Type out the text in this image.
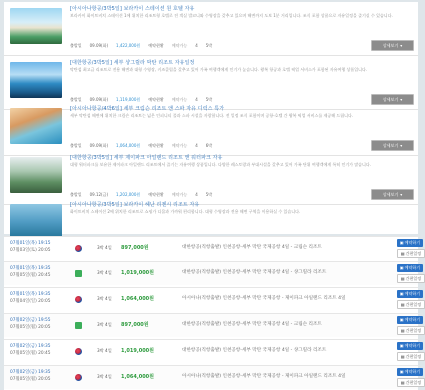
[아시아나항공/3박5일] 보라카이 스테이션 원 호텔 자유
보라카이 화이트비치 스테이션 1에 위치한 리조트형 호텔로 전 객실 발코니와 수영장을 갖추고 있으며 해변까지 도보 1분 거리입니다. 조식 포함 상품으로 자유일정을 즐기실 수 있습니다.
출발일 09.09(화) 1,422,000원 예약현황 예약가능 4 5박	상세보기 ▾
[대한항공/3박5일] 세부 샹그릴라 막탄 리조트 자유일정
막탄섬 최고급 리조트로 전용 해변과 대형 수영장, 키즈클럽을 갖추고 있어 가족 여행객에게 인기가 높습니다. 왕복 항공과 호텔 픽업 서비스가 포함된 자유여행 상품입니다.
출발일 09.09(화) 1,119,000원 예약현황 예약가능 4 5박	상세보기 ▾
[아시아나항공/4박6일] 세부 크림슨 리조트 앤 스파 자유 디럭스 특가
세부 막탄섬 해변에 위치한 크림슨 리조트는 넓은 인피니티 풀과 스파 시설을 자랑합니다. 전 일정 조식 포함이며 공항-호텔 간 왕복 픽업 서비스를 제공해 드립니다.
출발일 09.09(화) 1,064,000원 예약현황 예약가능 4 6박	상세보기 ▾
[대한항공/3박5일] 세부 제이파크 아일랜드 리조트 앤 워터파크 자유
대형 워터파크를 보유한 제이파크 아일랜드 리조트에서 즐기는 자유여행 상품입니다. 다양한 레스토랑과 부대시설을 갖추고 있어 가족 단위 여행객에게 특히 인기가 많습니다.
출발일 09.12(금) 1,202,000원 예약현황 예약가능 4 5박	상세보기 ▾
[아시아나항공/3박5일] 보라카이 헤난 리젠시 리조트 자유
화이트비치 스테이션 2에 위치한 리조트로 쇼핑가 디몰과 가까워 편리합니다. 대형 수영장과 전용 해변 구역을 이용하실 수 있습니다.
07월01일(목) 19:15
07월03일(토) 20:05
3박 4일 897,000원	대한항공(직항출발) 인천공항-세부 막탄 국제공항 4일 - 크림슨 리조트
▣예약하기
▦간편일정
07월01일(목) 19:35
07월05일(월) 20:45
3박 4일 1,019,000원	대한항공(직항출발) 인천공항-세부 막탄 국제공항 4일 - 샹그릴라 리조트
▣예약하기
▦간편일정
07월01일(목) 19:35
07월04일(일) 20:05
3박 4일 1,064,000원	아시아나(직항출발) 인천공항-세부 막탄 국제공항 - 제이파크 아일랜드 리조트 4일
▣예약하기
▦간편일정
07월02일(금) 19:55
07월05일(월) 20:05
3박 4일 897,000원	대한항공(직항출발) 인천공항-세부 막탄 국제공항 4일 - 크림슨 리조트
▣예약하기
▦간편일정
07월02일(금) 19:35
07월05일(월) 20:45
3박 4일 1,019,000원	대한항공(직항출발) 인천공항-세부 막탄 국제공항 4일 - 샹그릴라 리조트
▣예약하기
▦간편일정
07월02일(금) 19:35
07월05일(월) 20:05
3박 4일 1,064,000원	아시아나(직항출발) 인천공항-세부 막탄 국제공항 - 제이파크 아일랜드 리조트 4일
▣예약하기
▦간편일정
